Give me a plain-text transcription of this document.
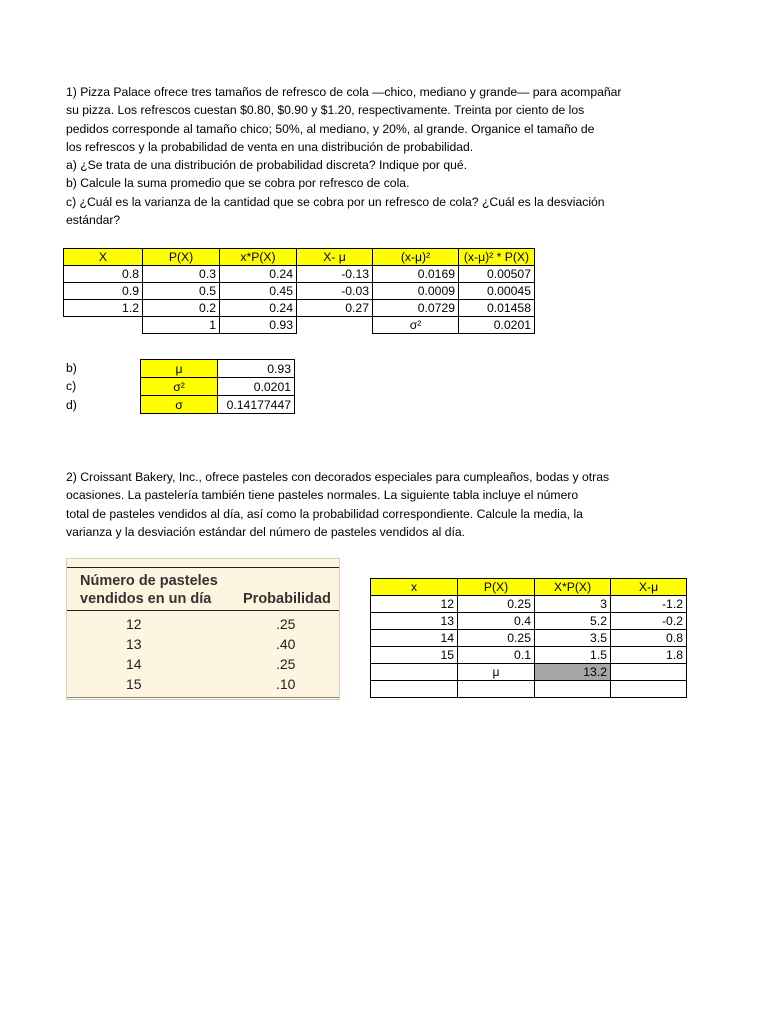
1) Pizza Palace ofrece tres tamaños de refresco de cola —chico, mediano y grande— para acompañar
su pizza. Los refrescos cuestan $0.80, $0.90 y $1.20, respectivamente. Treinta por ciento de los
pedidos corresponde al tamaño chico; 50%, al mediano, y 20%, al grande. Organice el tamaño de
los refrescos y la probabilidad de venta en una distribución de probabilidad.
a) ¿Se trata de una distribución de probabilidad discreta? Indique por qué.
b) Calcule la suma promedio que se cobra por refresco de cola.
c) ¿Cuál es la varianza de la cantidad que se cobra por un refresco de cola? ¿Cuál es la desviación
estándar?
X	P(X)	x*P(X)	X- μ	(x-μ)²	(x-μ)² * P(X)
0.8	0.3	0.24	-0.13	0.0169	0.00507
0.9	0.5	0.45	-0.03	0.0009	0.00045
1.2	0.2	0.24	0.27	0.0729	0.01458
	1	0.93		σ²	0.0201
b)
c)
d)
μ	0.93
σ²	0.0201
σ	0.14177447
2) Croissant Bakery, Inc., ofrece pasteles con decorados especiales para cumpleaños, bodas y otras
ocasiones. La pastelería también tiene pasteles normales. La siguiente tabla incluye el número
total de pasteles vendidos al día, así como la probabilidad correspondiente. Calcule la media, la
varianza y la desviación estándar del número de pasteles vendidos al día.
Número de pasteles
vendidos en un día	Probabilidad
12	.25
13	.40
14	.25
15	.10
x	P(X)	X*P(X)	X-μ
12	0.25	3	-1.2
13	0.4	5.2	-0.2
14	0.25	3.5	0.8
15	0.1	1.5	1.8
	μ	13.2	
